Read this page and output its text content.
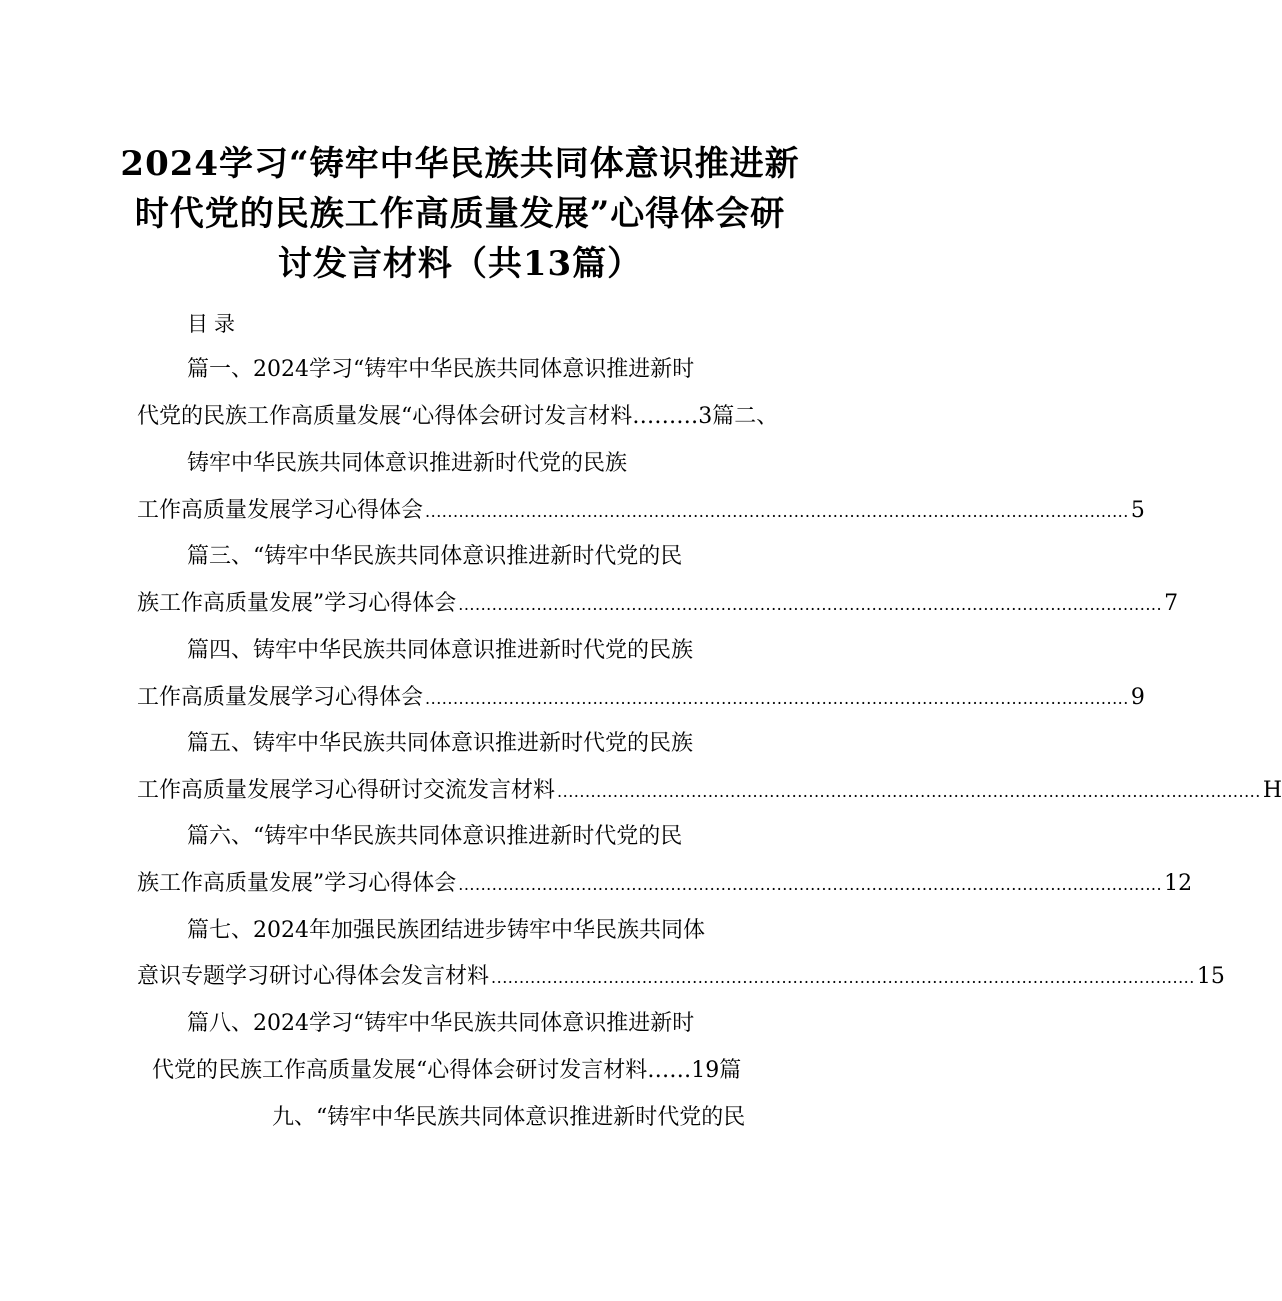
2024学习“铸牢中华民族共同体意识推进新
时代党的民族工作高质量发展”心得体会研
讨发言材料（共13篇）
目录
篇一、2024学习“铸牢中华民族共同体意识推进新时
代党的民族工作高质量发展“心得体会研讨发言材料………3篇二、
铸牢中华民族共同体意识推进新时代党的民族
工作高质量发展学习心得体会 .............................................................................................................................. 5
篇三、“铸牢中华民族共同体意识推进新时代党的民
族工作高质量发展”学习心得体会 .............................................................................................................................. 7
篇四、铸牢中华民族共同体意识推进新时代党的民族
工作高质量发展学习心得体会 .............................................................................................................................. 9
篇五、铸牢中华民族共同体意识推进新时代党的民族
工作高质量发展学习心得研讨交流发言材料 .............................................................................................................................. H
篇六、“铸牢中华民族共同体意识推进新时代党的民
族工作高质量发展”学习心得体会 .............................................................................................................................. 12
篇七、2024年加强民族团结进步铸牢中华民族共同体
意识专题学习研讨心得体会发言材料 .............................................................................................................................. 15
篇八、2024学习“铸牢中华民族共同体意识推进新时
代党的民族工作高质量发展“心得体会研讨发言材料……19篇
九、“铸牢中华民族共同体意识推进新时代党的民
